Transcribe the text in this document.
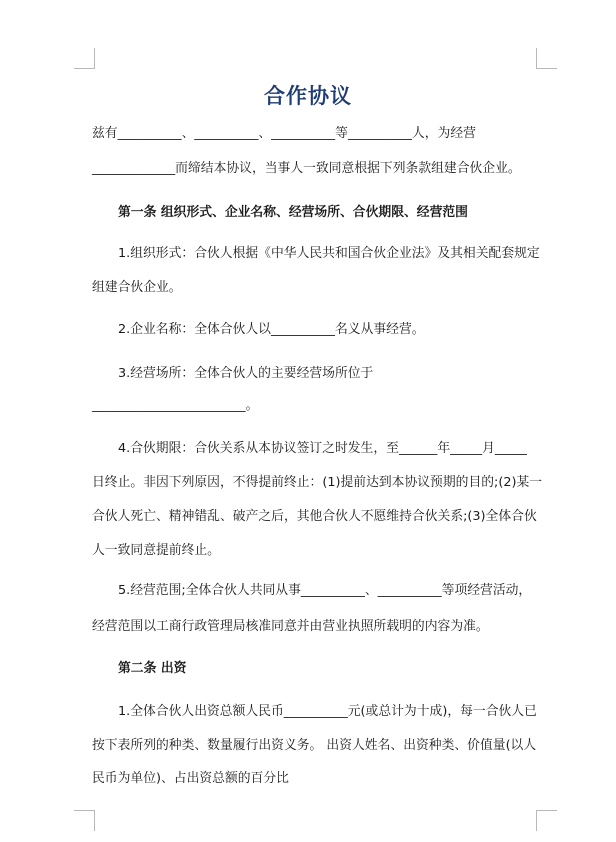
合作协议
兹有__________、__________、__________等__________人，为经营
_____________而缔结本协议，当事人一致同意根据下列条款组建合伙企业。
第一条 组织形式、企业名称、经营场所、合伙期限、经营范围
1.组织形式：合伙人根据《中华人民共和国合伙企业法》及其相关配套规定
组建合伙企业。
2.企业名称：全体合伙人以__________名义从事经营。
3.经营场所：全体合伙人的主要经营场所位于
________________________。
4.合伙期限：合伙关系从本协议签订之时发生，至______年_____月_____
日终止。非因下列原因，不得提前终止：(1)提前达到本协议预期的目的;(2)某一
合伙人死亡、精神错乱、破产之后，其他合伙人不愿维持合伙关系;(3)全体合伙
人一致同意提前终止。
5.经营范围;全体合伙人共同从事__________、__________等项经营活动，
经营范围以工商行政管理局核准同意并由营业执照所载明的内容为准。
第二条 出资
1.全体合伙人出资总额人民币__________元(或总计为十成)，每一合伙人已
按下表所列的种类、数量履行出资义务。 出资人姓名、出资种类、价值量(以人
民币为单位)、占出资总额的百分比
